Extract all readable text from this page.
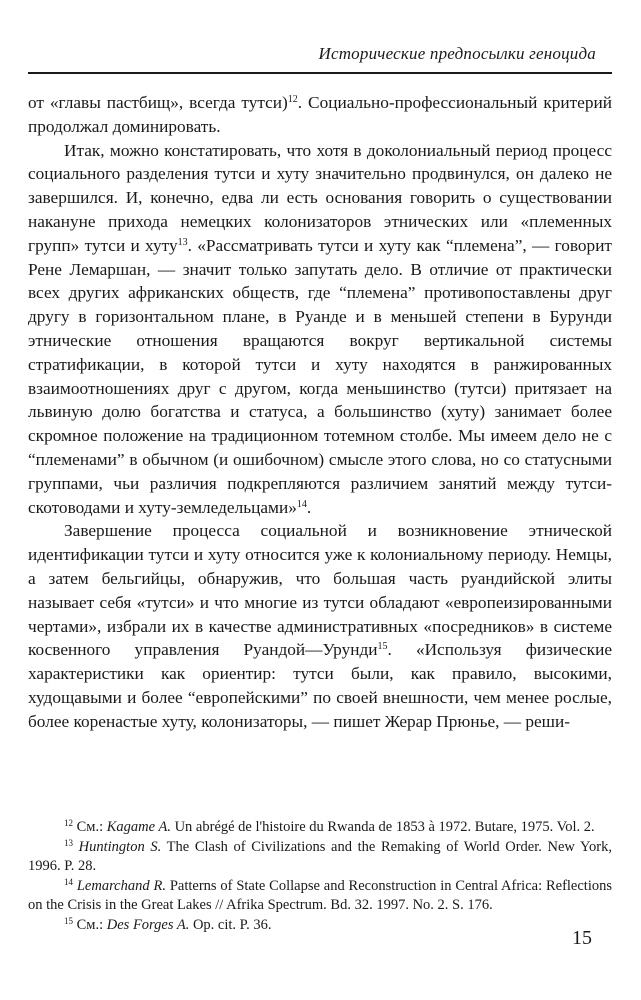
Исторические предпосылки геноцида

от «главы пастбищ», всегда тутси)$^{12}$. Социально-профессиональный критерий продолжал доминировать.

Итак, можно констатировать, что хотя в доколониальный период процесс социального разделения тутси и хуту значительно продвинулся, он далеко не завершился. И, конечно, едва ли есть основания говорить о существовании накануне прихода немецких колонизаторов этнических или «племенных групп» тутси и хуту$^{13}$. «Рассматривать тутси и хуту как “племена”, — говорит Рене Лемаршан, — значит только запутать дело. В отличие от практически всех других африканских обществ, где “племена” противопоставлены друг другу в горизонтальном плане, в Руанде и в меньшей степени в Бурунди этнические отношения вращаются вокруг вертикальной системы стратификации, в которой тутси и хуту находятся в ранжированных взаимоотношениях друг с другом, когда меньшинство (тутси) притязает на львиную долю богатства и статуса, а большинство (хуту) занимает более скромное положение на традиционном тотемном столбе. Мы имеем дело не с “племенами” в обычном (и ошибочном) смысле этого слова, но со статусными группами, чьи различия подкрепляются различием занятий между тутси-скотоводами и хуту-земледельцами»$^{14}$.

Завершение процесса социальной и возникновение этнической идентификации тутси и хуту относится уже к колониальному периоду. Немцы, а затем бельгийцы, обнаружив, что большая часть руандийской элиты называет себя «тутси» и что многие из тутси обладают «европеизированными чертами», избрали их в качестве административных «посредников» в системе косвенного управления Руандой—Урунди$^{15}$. «Используя физические характеристики как ориентир: тутси были, как правило, высокими, худощавыми и более “европейскими” по своей внешности, чем менее рослые, более коренастые хуту, колонизаторы, — пишет Жерар Прюнье, — реши-

$^{12}$ См.: Kagame A. Un abrégé de l'histoire du Rwanda de 1853 à 1972. Butare, 1975. Vol. 2.

$^{13}$ Huntington S. The Clash of Civilizations and the Remaking of World Order. New York, 1996. P. 28.

$^{14}$ Lemarchand R. Patterns of State Collapse and Reconstruction in Central Africa: Reflections on the Crisis in the Great Lakes // Afrika Spectrum. Bd. 32. 1997. No. 2. S. 176.

$^{15}$ См.: Des Forges A. Op. cit. P. 36.

15
